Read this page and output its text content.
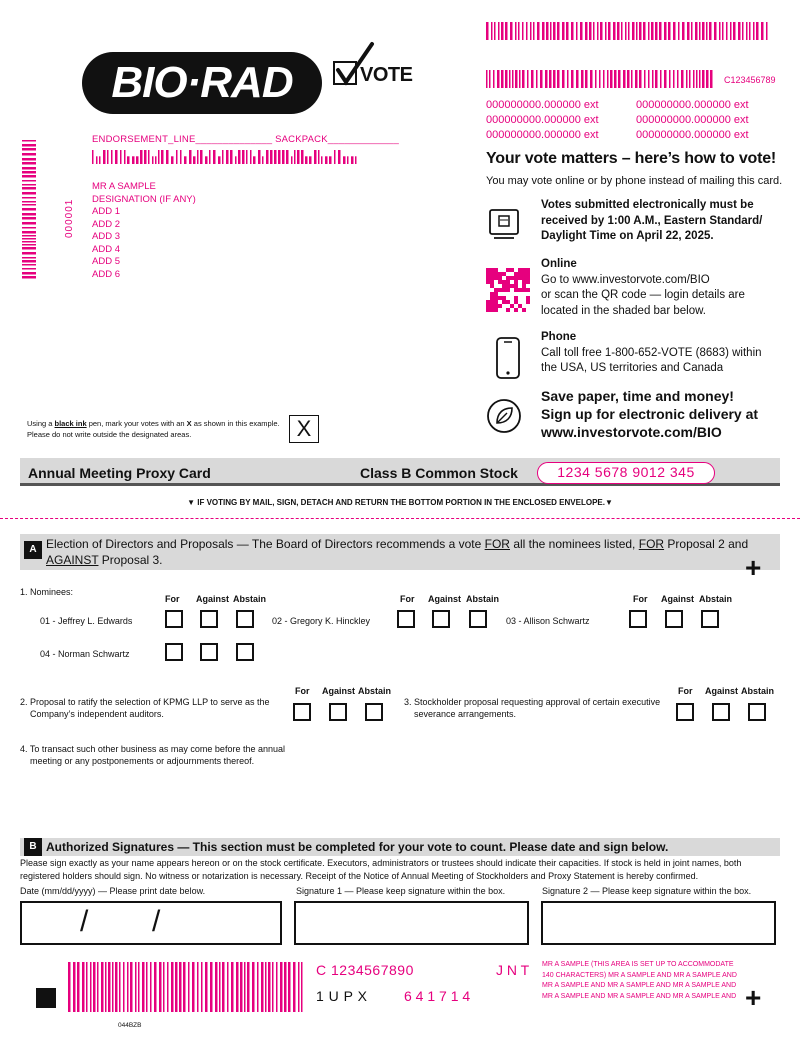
BIO·RAD	VOTE
ENDORSEMENT_LINE______________ SACKPACK_____________
000001
MR A SAMPLE
DESIGNATION (IF ANY)
ADD 1
ADD 2
ADD 3
ADD 4
ADD 5
ADD 6
C123456789
000000000.000000 ext
000000000.000000 ext
000000000.000000 ext
000000000.000000 ext
000000000.000000 ext
000000000.000000 ext
Your vote matters – here’s how to vote!
You may vote online or by phone instead of mailing this card.
Votes submitted electronically must be
received by 1:00 A.M., Eastern Standard/
Daylight Time on April 22, 2025.
Online
Go to www.investorvote.com/BIO
or scan the QR code — login details are
located in the shaded bar below.
Phone
Call toll free 1-800-652-VOTE (8683) within
the USA, US territories and Canada
Save paper, time and money!
Sign up for electronic delivery at
www.investorvote.com/BIO
Using a black ink pen, mark your votes with an X as shown in this example.
Please do not write outside the designated areas.	X
Annual Meeting Proxy Card	Class B Common Stock	1234 5678 9012 345
▼ IF VOTING BY MAIL, SIGN, DETACH AND RETURN THE BOTTOM PORTION IN THE ENCLOSED ENVELOPE.▼
A Election of Directors and Proposals — The Board of Directors recommends a vote FOR all the nominees listed, FOR Proposal 2 and
AGAINST Proposal 3.	+
1. Nominees:
For Against Abstain	For Against Abstain	For Against Abstain
01 - Jeffrey L. Edwards	02 - Gregory K. Hinckley	03 - Allison Schwartz
04 - Norman Schwartz
2. Proposal to ratify the selection of KPMG LLP to serve as the
Company’s independent auditors.
For Against Abstain
3. Stockholder proposal requesting approval of certain executive
severance arrangements.
For Against Abstain
4. To transact such other business as may come before the annual
meeting or any postponements or adjournments thereof.
B Authorized Signatures — This section must be completed for your vote to count. Please date and sign below.
Please sign exactly as your name appears hereon or on the stock certificate. Executors, administrators or trustees should indicate their capacities. If stock is held in joint names, both registered holders should sign. No witness or notarization is necessary. Receipt of the Notice of Annual Meeting of Stockholders and Proxy Statement is hereby confirmed.
Date (mm/dd/yyyy) — Please print date below.	Signature 1 — Please keep signature within the box.	Signature 2 — Please keep signature within the box.
/ /
C 1234567890	J N T
1 U P X	6 4 1 7 1 4
MR A SAMPLE (THIS AREA IS SET UP TO ACCOMMODATE 140 CHARACTERS) MR A SAMPLE AND MR A SAMPLE AND MR A SAMPLE AND MR A SAMPLE AND MR A SAMPLE AND MR A SAMPLE AND MR A SAMPLE AND MR A SAMPLE AND +
044BZB
